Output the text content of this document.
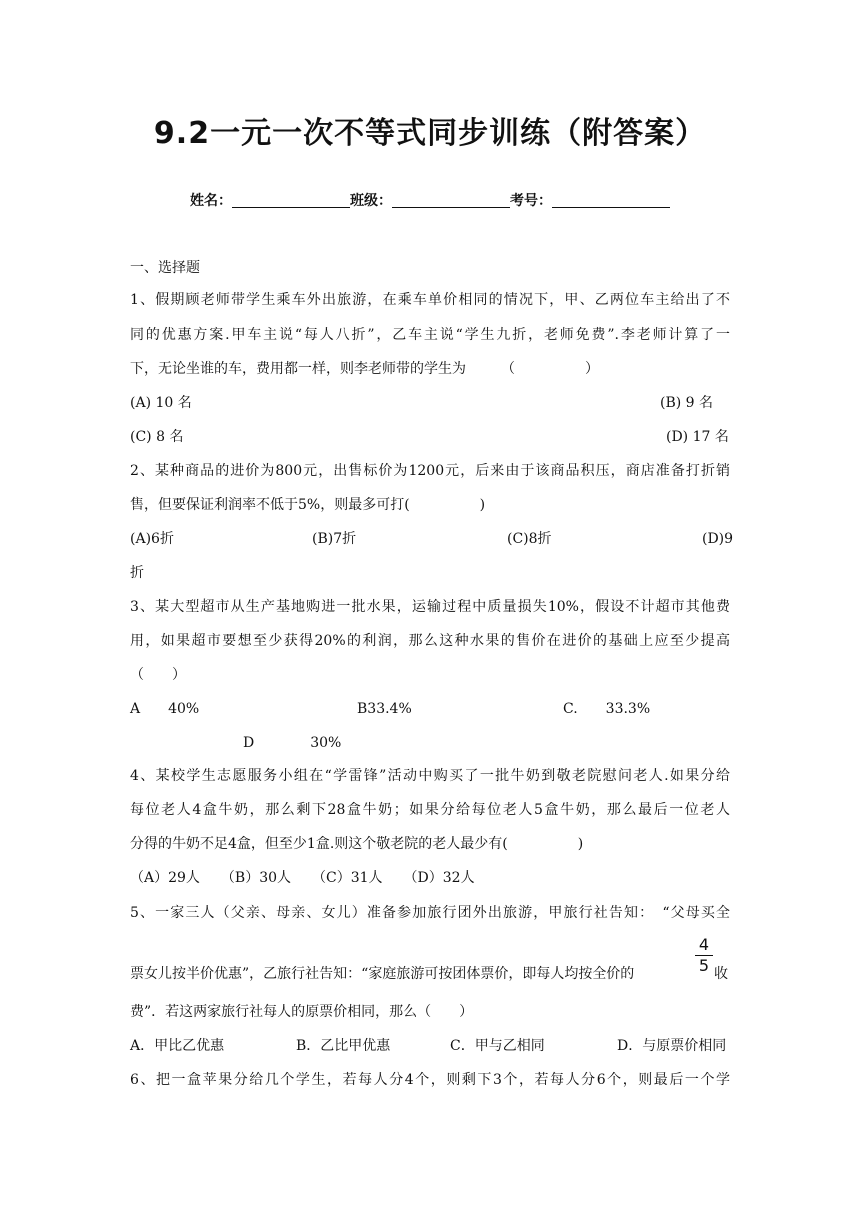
9.2一元一次不等式同步训练（附答案）
姓名：	班级：	考号：
一、选择题
1、假期顾老师带学生乘车外出旅游，在乘车单价相同的情况下，甲、乙两位车主给出了不
同的优惠方案.甲车主说“每人八折”，乙车主说“学生九折，老师免费”.李老师计算了一
下，无论坐谁的车，费用都一样，则李老师带的学生为　　　（　　　　　）
(A) 10 名	(B) 9 名
(C) 8 名	(D) 17 名
2、某种商品的进价为800元，出售标价为1200元，后来由于该商品积压，商店准备打折销
售，但要保证利润率不低于5%，则最多可打(　　　　　)
(A)6折	(B)7折	(C)8折	(D)9
折
3、某大型超市从生产基地购进一批水果，运输过程中质量损失10%，假设不计超市其他费
用，如果超市要想至少获得20%的利润，那么这种水果的售价在进价的基础上应至少提高
（　　）
A　　40%	B33.4%	C.　　33.3%
D　　　　30%
4、某校学生志愿服务小组在“学雷锋”活动中购买了一批牛奶到敬老院慰问老人.如果分给
每位老人4盒牛奶，那么剩下28盒牛奶；如果分给每位老人5盒牛奶，那么最后一位老人
分得的牛奶不足4盒，但至少1盒.则这个敬老院的老人最少有(　　　　　)
（A）29人　　（B）30人　　（C）31人　　（D）32人
5、一家三人（父亲、母亲、女儿）准备参加旅行团外出旅游，甲旅行社告知：　“父母买全
票女儿按半价优惠”，乙旅行社告知：“家庭旅游可按团体票价，即每人均按全价的
4
5 收
费”．若这两家旅行社每人的原票价相同，那么（　　）
A．甲比乙优惠	B．乙比甲优惠	C．甲与乙相同	D．与原票价相同
6、把一盒苹果分给几个学生，若每人分4个，则剩下3个，若每人分6个，则最后一个学
